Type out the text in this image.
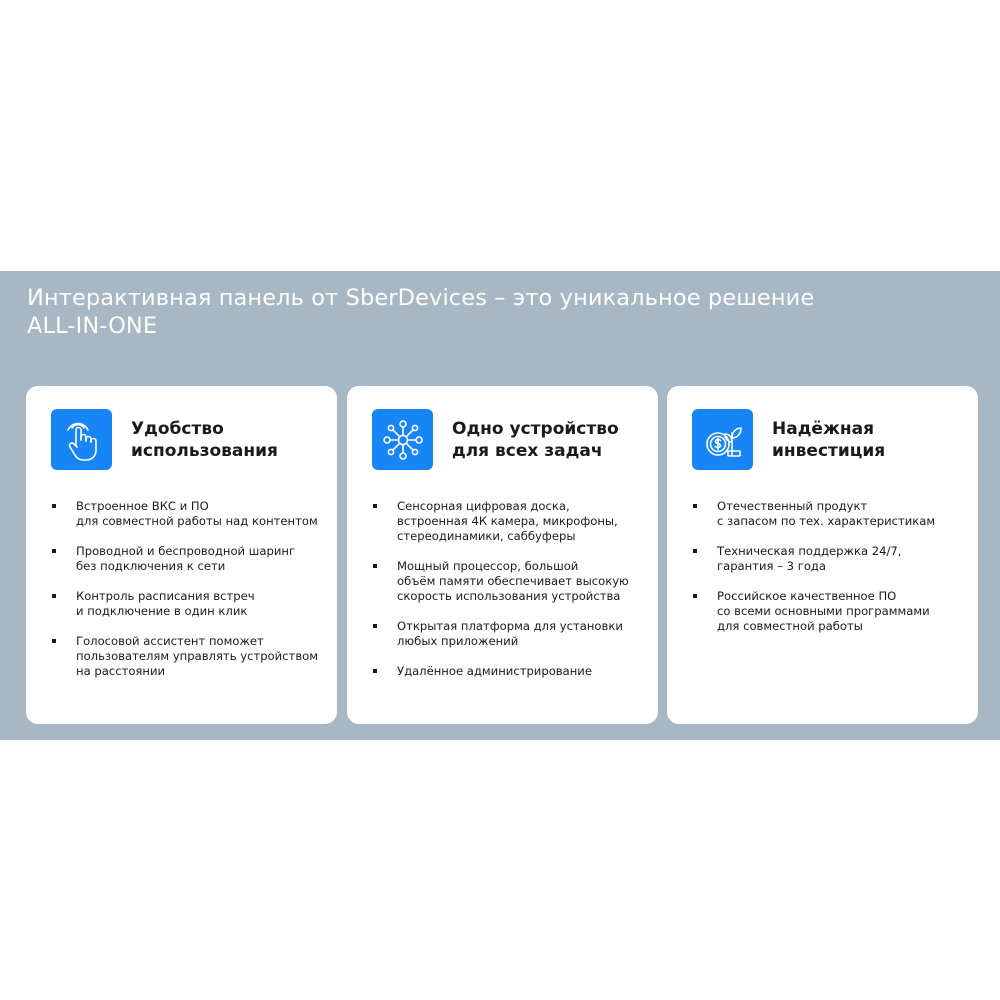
Интерактивная панель от SberDevices – это уникальное решение
ALL-IN-ONE
Удобство
использования
Встроенное ВКС и ПО
для совместной работы над контентом
Проводной и беспроводной шаринг
без подключения к сети
Контроль расписания встреч
и подключение в один клик
Голосовой ассистент поможет
пользователям управлять устройством
на расстоянии
Одно устройство
для всех задач
Сенсорная цифровая доска,
встроенная 4К камера, микрофоны,
стереодинамики, саббуферы
Мощный процессор, большой
объём памяти обеспечивает высокую
скорость использования устройства
Открытая платформа для установки
любых приложений
Удалённое администрирование
Надёжная
инвестиция
Отечественный продукт
с запасом по тех. характеристикам
Техническая поддержка 24/7,
гарантия – 3 года
Российское качественное ПО
со всеми основными программами
для совместной работы
